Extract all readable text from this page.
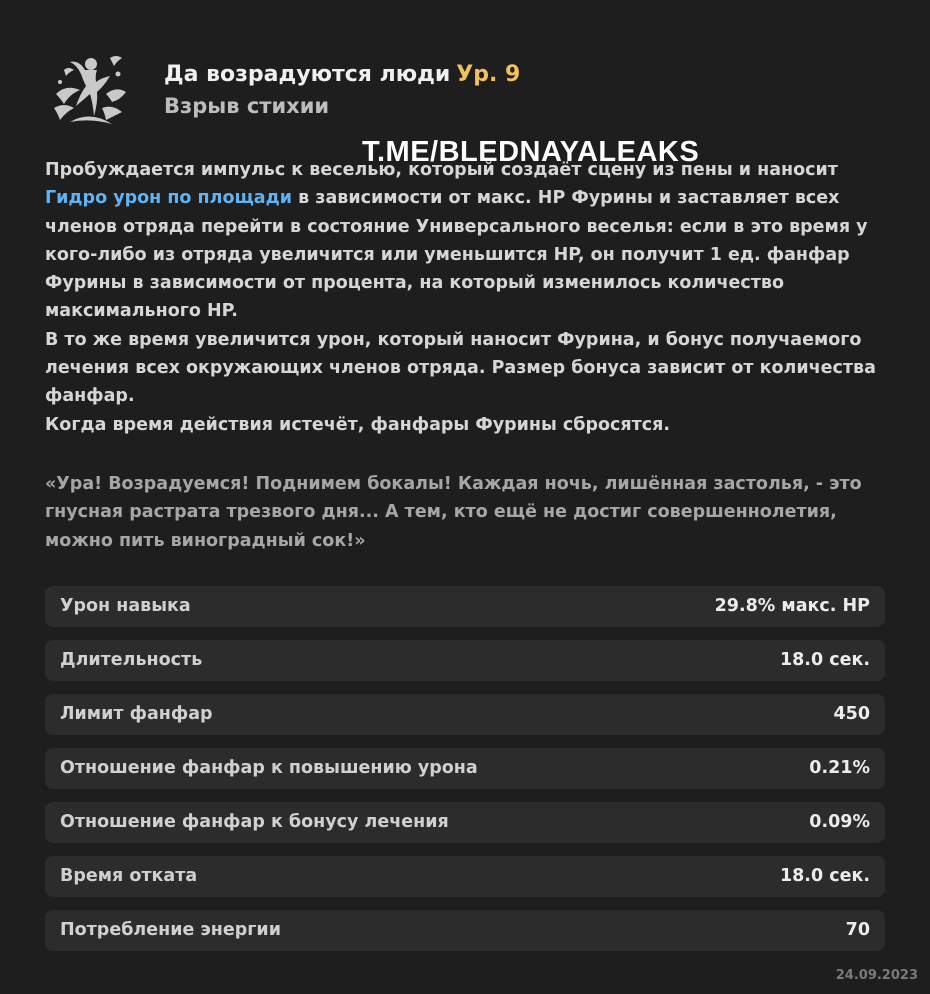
Да возрадуются люди Ур. 9
Взрыв стихии
T.ME/BLEDNAYALEAKS

Пробуждается импульс к веселью, который создаёт сцену из пены и наносит Гидро урон по площади в зависимости от макс. HP Фурины и заставляет всех членов отряда перейти в состояние Универсального веселья: если в это время у кого-либо из отряда увеличится или уменьшится HP, он получит 1 ед. фанфар Фурины в зависимости от процента, на который изменилось количество максимального HP.

В то же время увеличится урон, который наносит Фурина, и бонус получаемого лечения всех окружающих членов отряда. Размер бонуса зависит от количества фанфар.

Когда время действия истечёт, фанфары Фурины сбросятся.

«Ура! Возрадуемся! Поднимем бокалы! Каждая ночь, лишённая застолья, - это гнусная растрата трезвого дня... А тем, кто ещё не достиг совершеннолетия, можно пить виноградный сок!»
Урон навыка	29.8% макс. HP
Длительность	18.0 сек.
Лимит фанфар	450
Отношение фанфар к повышению урона	0.21%
Отношение фанфар к бонусу лечения	0.09%
Время отката	18.0 сек.
Потребление энергии	70
24.09.2023
